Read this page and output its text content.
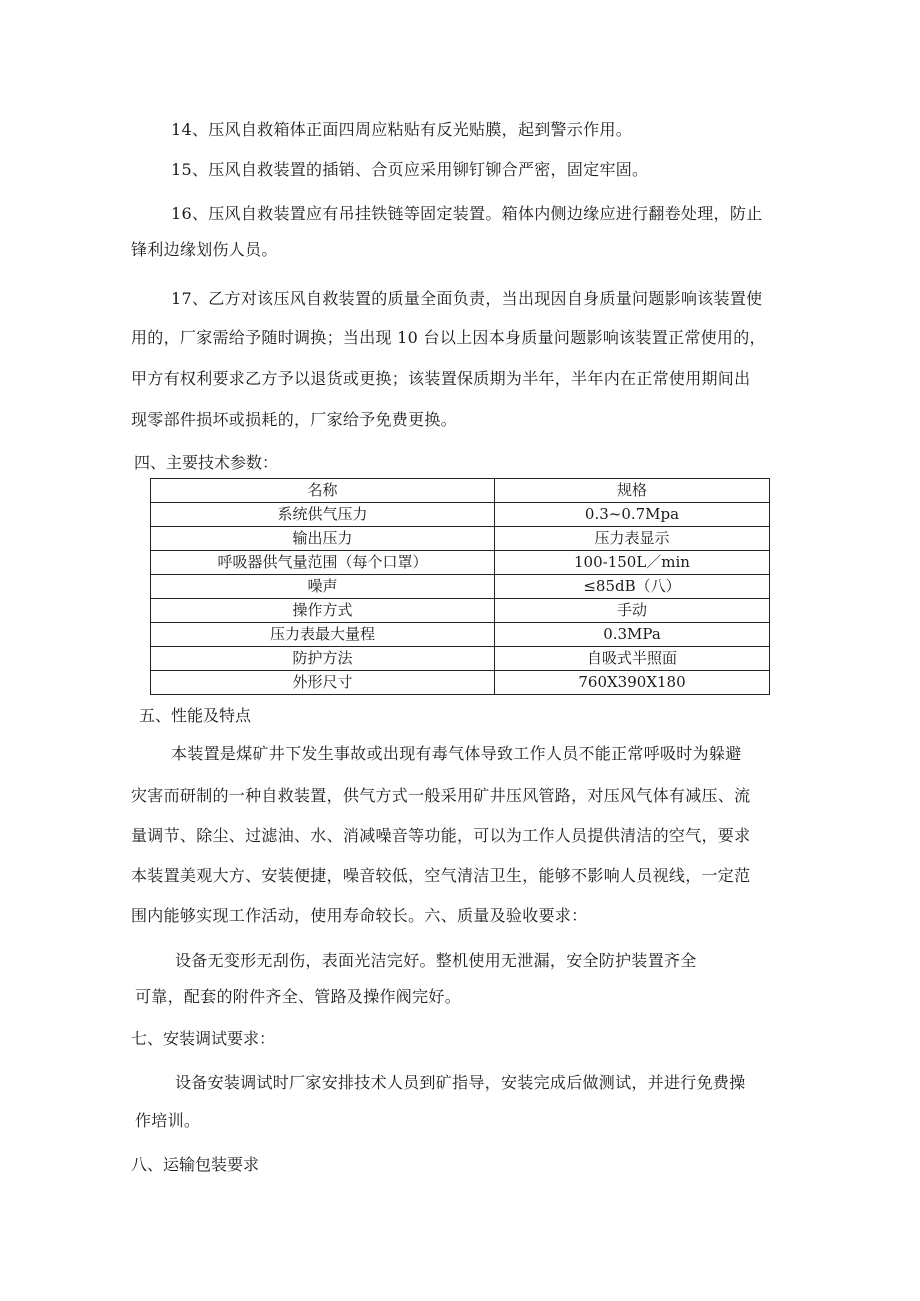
14、压风自救箱体正面四周应粘贴有反光贴膜，起到警示作用。
15、压风自救装置的插销、合页应采用铆钉铆合严密，固定牢固。
16、压风自救装置应有吊挂铁链等固定装置。箱体内侧边缘应进行翻卷处理，防止
锋利边缘划伤人员。
17、乙方对该压风自救装置的质量全面负责，当出现因自身质量问题影响该装置使
用的，厂家需给予随时调换；当出现 10 台以上因本身质量问题影响该装置正常使用的，
甲方有权利要求乙方予以退货或更换；该装置保质期为半年，半年内在正常使用期间出
现零部件损坏或损耗的，厂家给予免费更换。
四、主要技术参数：
名称	规格
系统供气压力	0.3~0.7Mpa
输出压力	压力表显示
呼吸器供气量范围（每个口罩）	100-150L／min
噪声	≤85dB（八）
操作方式	手动
压力表最大量程	0.3MPa
防护方法	自吸式半照面
外形尺寸	760X390X180
五、性能及特点
本装置是煤矿井下发生事故或出现有毒气体导致工作人员不能正常呼吸时为躲避
灾害而研制的一种自救装置，供气方式一般采用矿井压风管路，对压风气体有减压、流
量调节、除尘、过滤油、水、消减噪音等功能，可以为工作人员提供清洁的空气，要求
本装置美观大方、安装便捷，噪音较低，空气清洁卫生，能够不影响人员视线，一定范
围内能够实现工作活动，使用寿命较长。六、质量及验收要求：
设备无变形无刮伤，表面光洁完好。整机使用无泄漏，安全防护装置齐全
可靠，配套的附件齐全、管路及操作阀完好。
七、安装调试要求：
设备安装调试时厂家安排技术人员到矿指导，安装完成后做测试，并进行免费操
作培训。
八、运输包装要求
